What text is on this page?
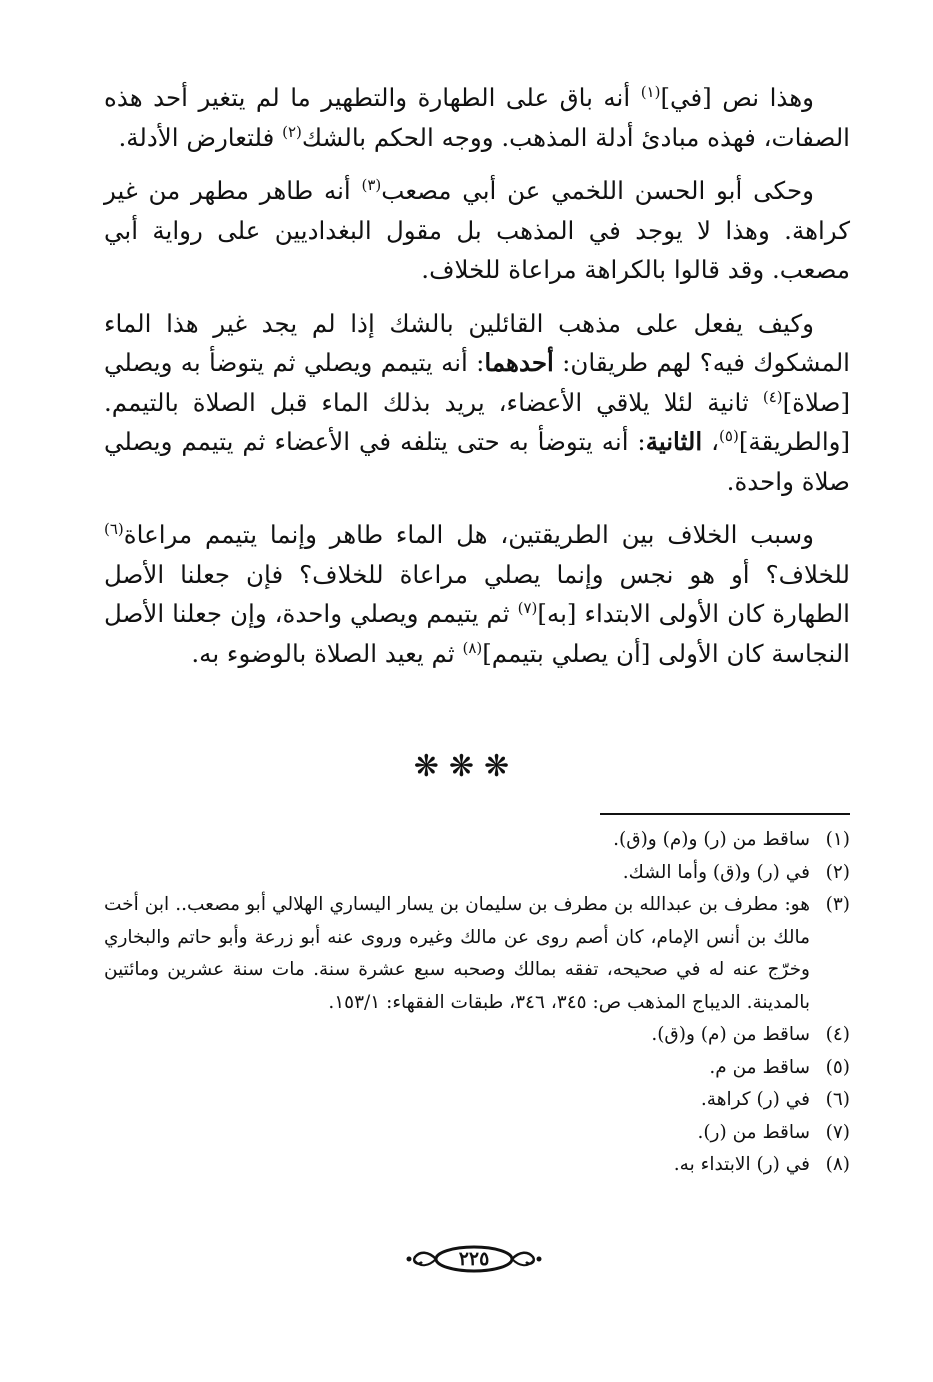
وهذا نص [في]$^{(١)}$ أنه باق على الطهارة والتطهير ما لم يتغير أحد هذه الصفات، فهذه مبادئ أدلة المذهب. ووجه الحكم بالشك$^{(٢)}$ فلتعارض الأدلة.

وحكى أبو الحسن اللخمي عن أبي مصعب$^{(٣)}$ أنه طاهر مطهر من غير كراهة. وهذا لا يوجد في المذهب بل مقول البغداديين على رواية أبي مصعب. وقد قالوا بالكراهة مراعاة للخلاف.

وكيف يفعل على مذهب القائلين بالشك إذا لم يجد غير هذا الماء المشكوك فيه؟ لهم طريقان: أحدهما: أنه يتيمم ويصلي ثم يتوضأ به ويصلي [صلاة]$^{(٤)}$ ثانية لئلا يلاقي الأعضاء، يريد بذلك الماء قبل الصلاة بالتيمم. [والطريقة]$^{(٥)}$، الثانية: أنه يتوضأ به حتى يتلفه في الأعضاء ثم يتيمم ويصلي صلاة واحدة.

وسبب الخلاف بين الطريقتين، هل الماء طاهر وإنما يتيمم مراعاة$^{(٦)}$ للخلاف؟ أو هو نجس وإنما يصلي مراعاة للخلاف؟ فإن جعلنا الأصل الطهارة كان الأولى الابتداء [به]$^{(٧)}$ ثم يتيمم ويصلي واحدة، وإن جعلنا الأصل النجاسة كان الأولى [أن يصلي بتيمم]$^{(٨)}$ ثم يعيد الصلاة بالوضوء به.

❋❋❋
(١)
ساقط من (ر) و(م) و(ق).
(٢)
في (ر) و(ق) وأما الشك.
(٣)
هو: مطرف بن عبدالله بن مطرف بن سليمان بن يسار اليساري الهلالي أبو مصعب.. ابن أخت مالك بن أنس الإمام، كان أصم روى عن مالك وغيره وروى عنه أبو زرعة وأبو حاتم والبخاري وخرّج عنه له في صحيحه، تفقه بمالك وصحبه سبع عشرة سنة. مات سنة عشرين ومائتين بالمدينة. الديباج المذهب ص: ٣٤٥، ٣٤٦، طبقات الفقهاء: ١٥٣/١.
(٤)
ساقط من (م) و(ق).
(٥)
ساقط من م.
(٦)
في (ر) كراهة.
(٧)
ساقط من (ر).
(٨)
في (ر) الابتداء به.
٢٢٥
